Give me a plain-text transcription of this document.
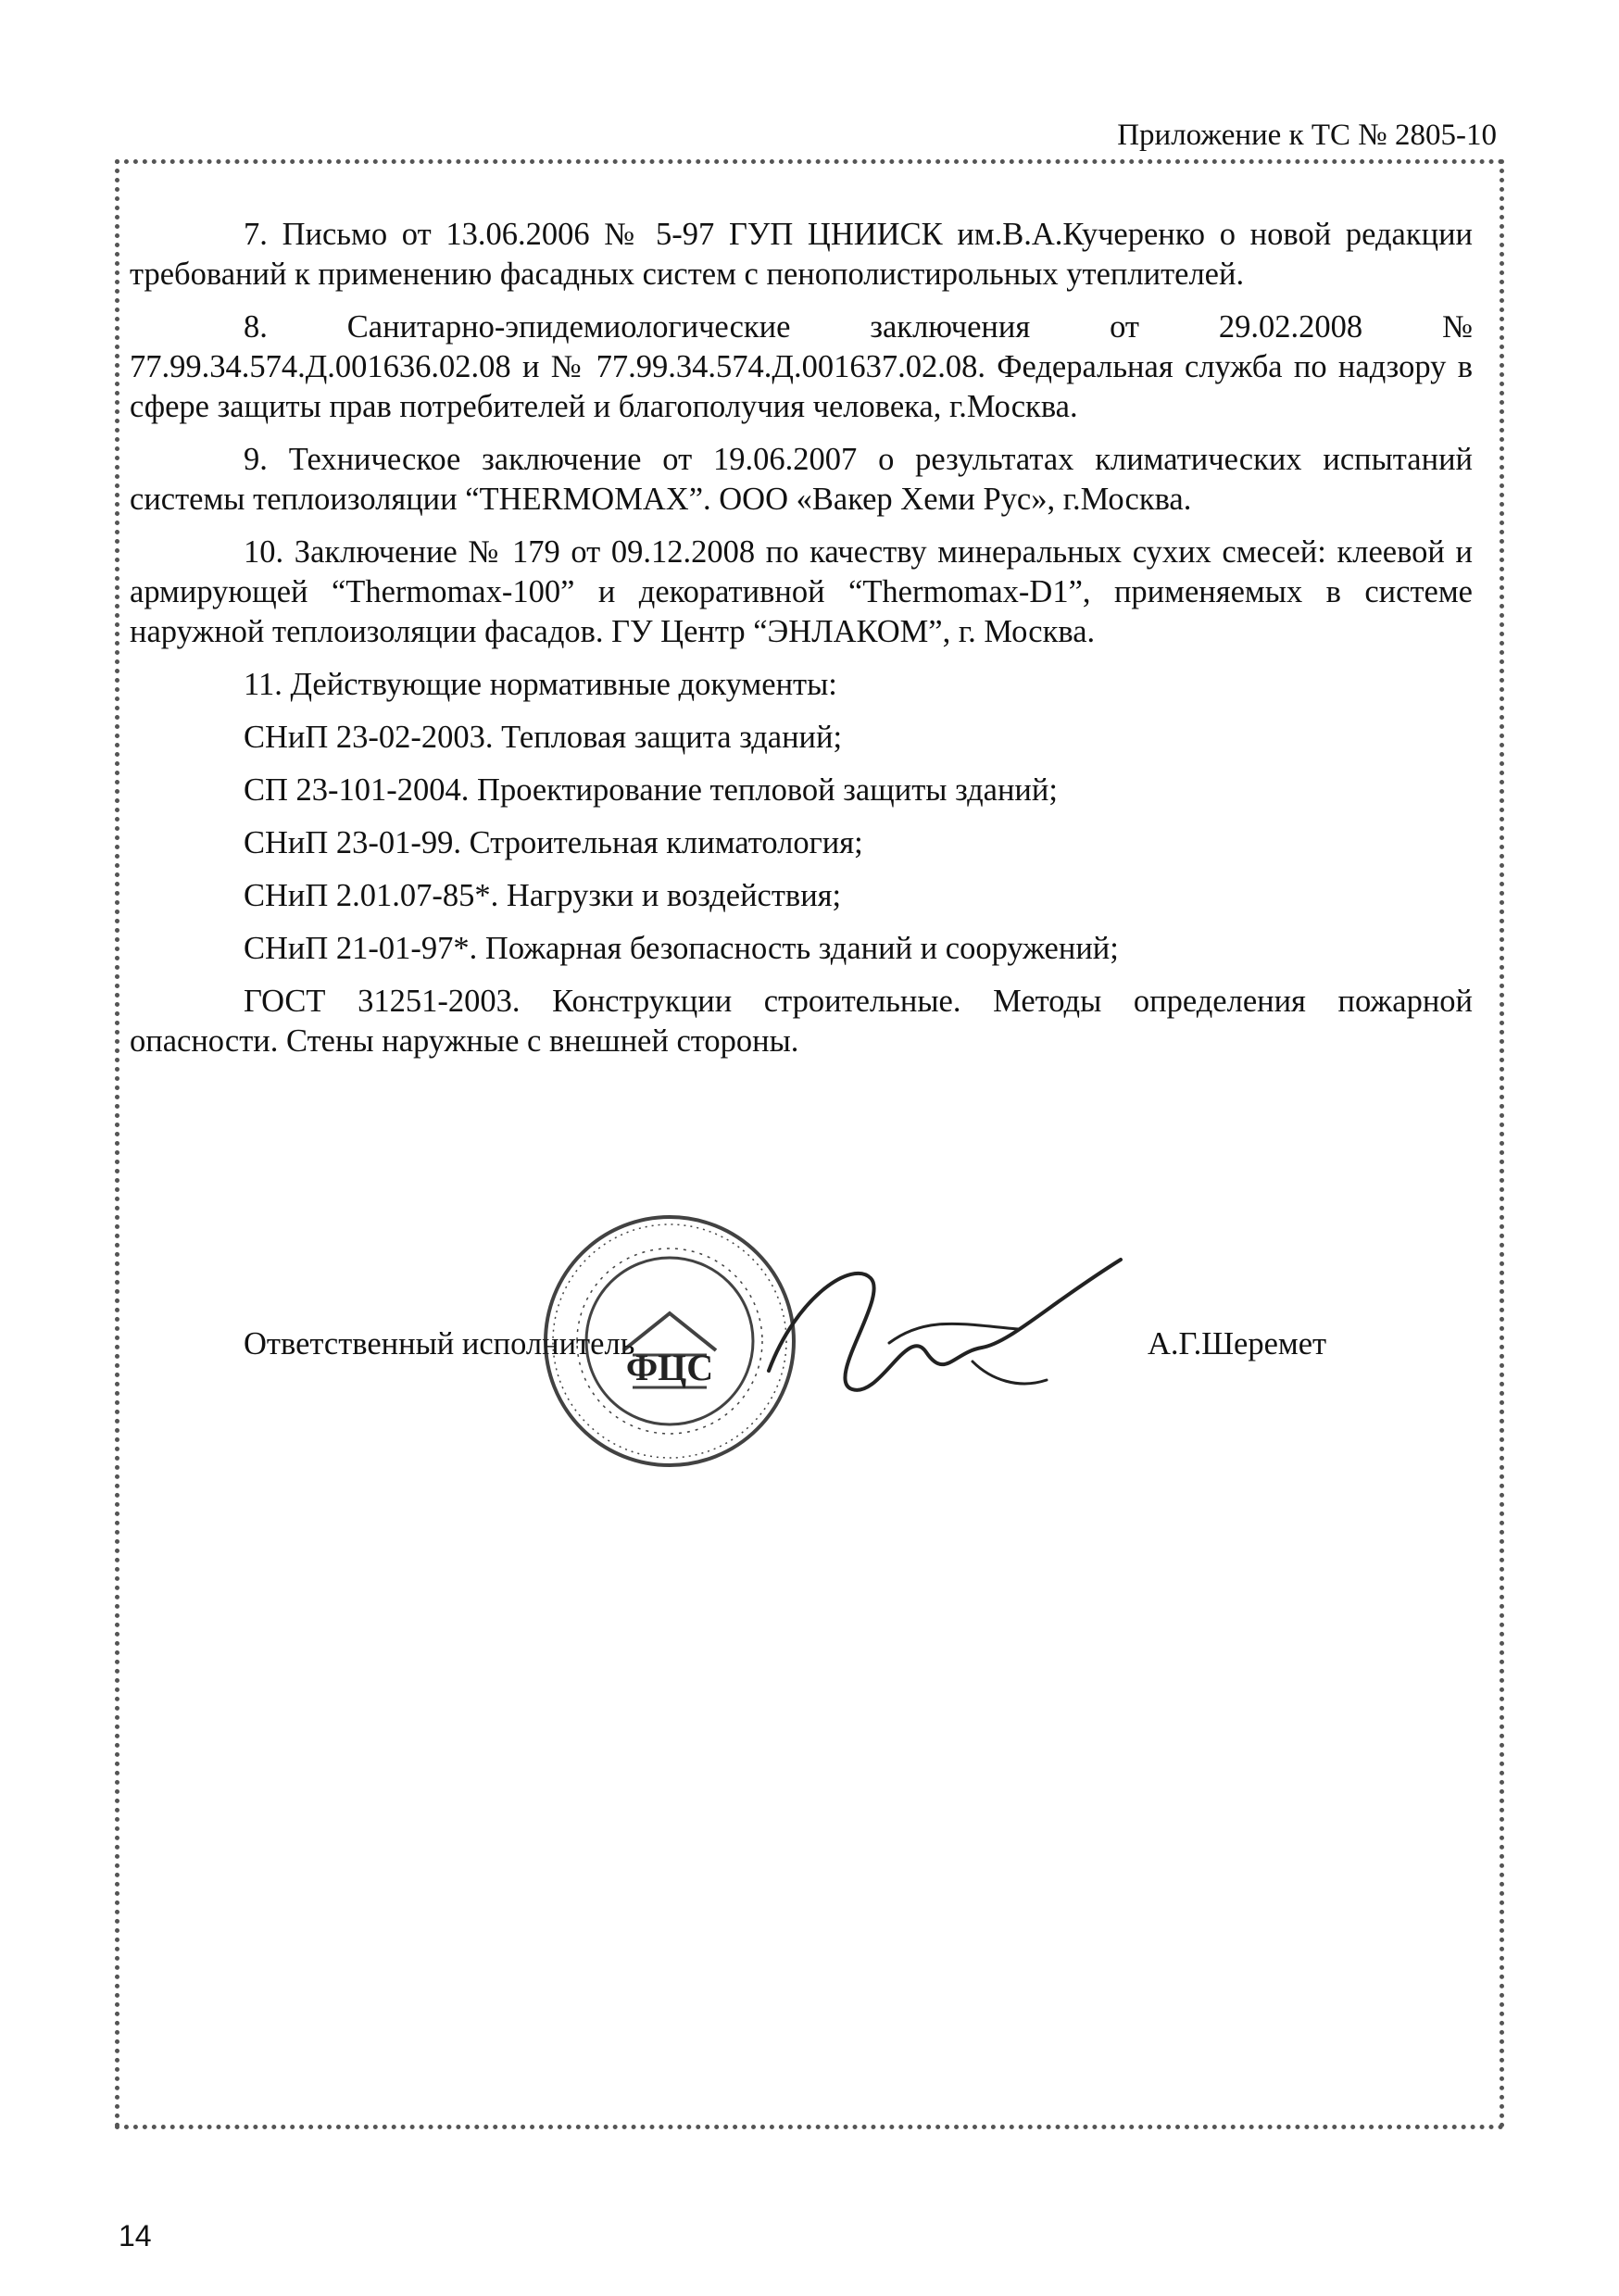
Приложение к ТС № 2805-10

7. Письмо от 13.06.2006 № 5-97 ГУП ЦНИИСК им.В.А.Кучеренко о новой редакции требований к применению фасадных систем с пенополистирольных утеплителей.

8. Санитарно-эпидемиологические заключения от 29.02.2008 № 77.99.34.574.Д.001636.02.08 и № 77.99.34.574.Д.001637.02.08. Федеральная служба по надзору в сфере защиты прав потребителей и благополучия человека, г.Москва.

9. Техническое заключение от 19.06.2007 о результатах климатических испытаний системы теплоизоляции “THERMOMAX”. ООО «Вакер Хеми Рус», г.Москва.

10. Заключение № 179 от 09.12.2008 по качеству минеральных сухих смесей: клеевой и армирующей “Thermomax-100” и декоративной “Thermomax-D1”, применяемых в системе наружной теплоизоляции фасадов. ГУ Центр “ЭНЛАКОМ”, г. Москва.

11. Действующие нормативные документы:

СНиП 23-02-2003. Тепловая защита зданий;

СП 23-101-2004. Проектирование тепловой защиты зданий;

СНиП 23-01-99. Строительная климатология;

СНиП 2.01.07-85*. Нагрузки и воздействия;

СНиП 21-01-97*. Пожарная безопасность зданий и сооружений;

ГОСТ 31251-2003. Конструкции строительные. Методы определения пожарной опасности. Стены наружные с внешней стороны.

Ответственный исполнитель	А.Г.Шеремет
ФЦС
14
